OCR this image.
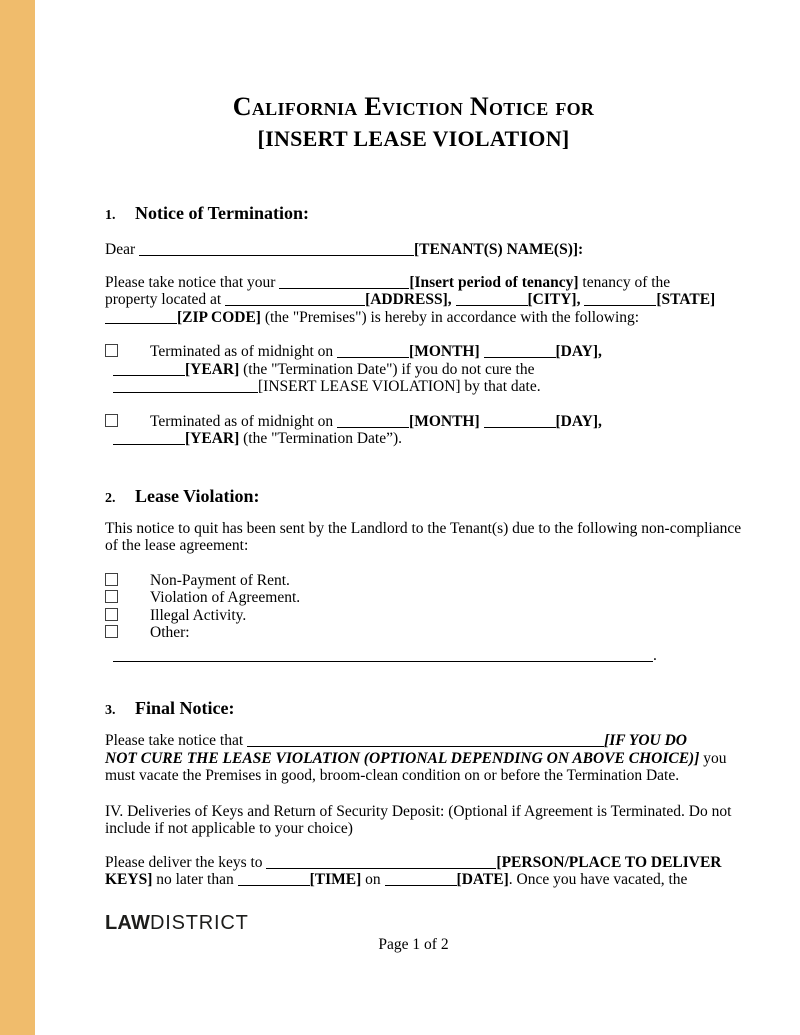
California Eviction Notice for
[INSERT LEASE VIOLATION]
1. Notice of Termination:
Dear	[TENANT(S) NAME(S)]:
Please take notice that your	[Insert period of tenancy] tenancy of the
property located at	[ADDRESS],	[CITY],	[STATE]
[ZIP CODE] (the "Premises") is hereby in accordance with the following:
Terminated as of midnight on	[MONTH]	[DAY],
[YEAR] (the "Termination Date") if you do not cure the
[INSERT LEASE VIOLATION] by that date.
Terminated as of midnight on	[MONTH]	[DAY],
[YEAR] (the "Termination Date”).
2. Lease Violation:
This notice to quit has been sent by the Landlord to the Tenant(s) due to the following non-compliance
of the lease agreement:
Non-Payment of Rent.
Violation of Agreement.
Illegal Activity.
Other:
.
3. Final Notice:
Please take notice that	[IF YOU DO
NOT CURE THE LEASE VIOLATION (OPTIONAL DEPENDING ON ABOVE CHOICE)] you
must vacate the Premises in good, broom-clean condition on or before the Termination Date.
IV. Deliveries of Keys and Return of Security Deposit: (Optional if Agreement is Terminated. Do not
include if not applicable to your choice)
Please deliver the keys to	[PERSON/PLACE TO DELIVER
KEYS] no later than	[TIME] on	[DATE]. Once you have vacated, the
LAWDISTRICT
Page 1 of 2
